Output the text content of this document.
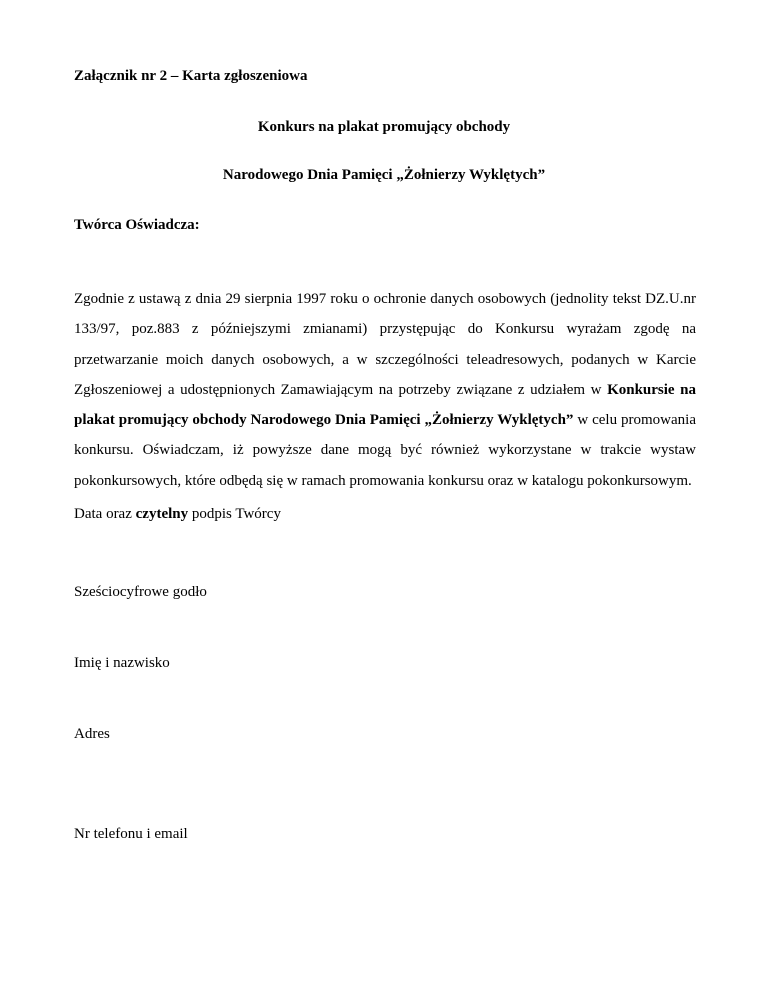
Załącznik nr 2 – Karta zgłoszeniowa
Konkurs na plakat promujący obchody
Narodowego Dnia Pamięci „Żołnierzy Wyklętych”
Twórca Oświadcza:
Zgodnie z ustawą z dnia 29 sierpnia 1997 roku o ochronie danych osobowych (jednolity tekst DZ.U.nr 133/97, poz.883 z późniejszymi zmianami) przystępując do Konkursu wyrażam zgodę na przetwarzanie moich danych osobowych, a w szczególności teleadresowych, podanych w Karcie Zgłoszeniowej a udostępnionych Zamawiającym na potrzeby związane z udziałem w Konkursie na plakat promujący obchody Narodowego Dnia Pamięci „Żołnierzy Wyklętych” w celu promowania konkursu. Oświadczam, iż powyższe dane mogą być również wykorzystane w trakcie wystaw pokonkursowych, które odbędą się w ramach promowania konkursu oraz w katalogu pokonkursowym.
Data oraz czytelny podpis Twórcy
Sześciocyfrowe godło
Imię i nazwisko
Adres
Nr telefonu i email
